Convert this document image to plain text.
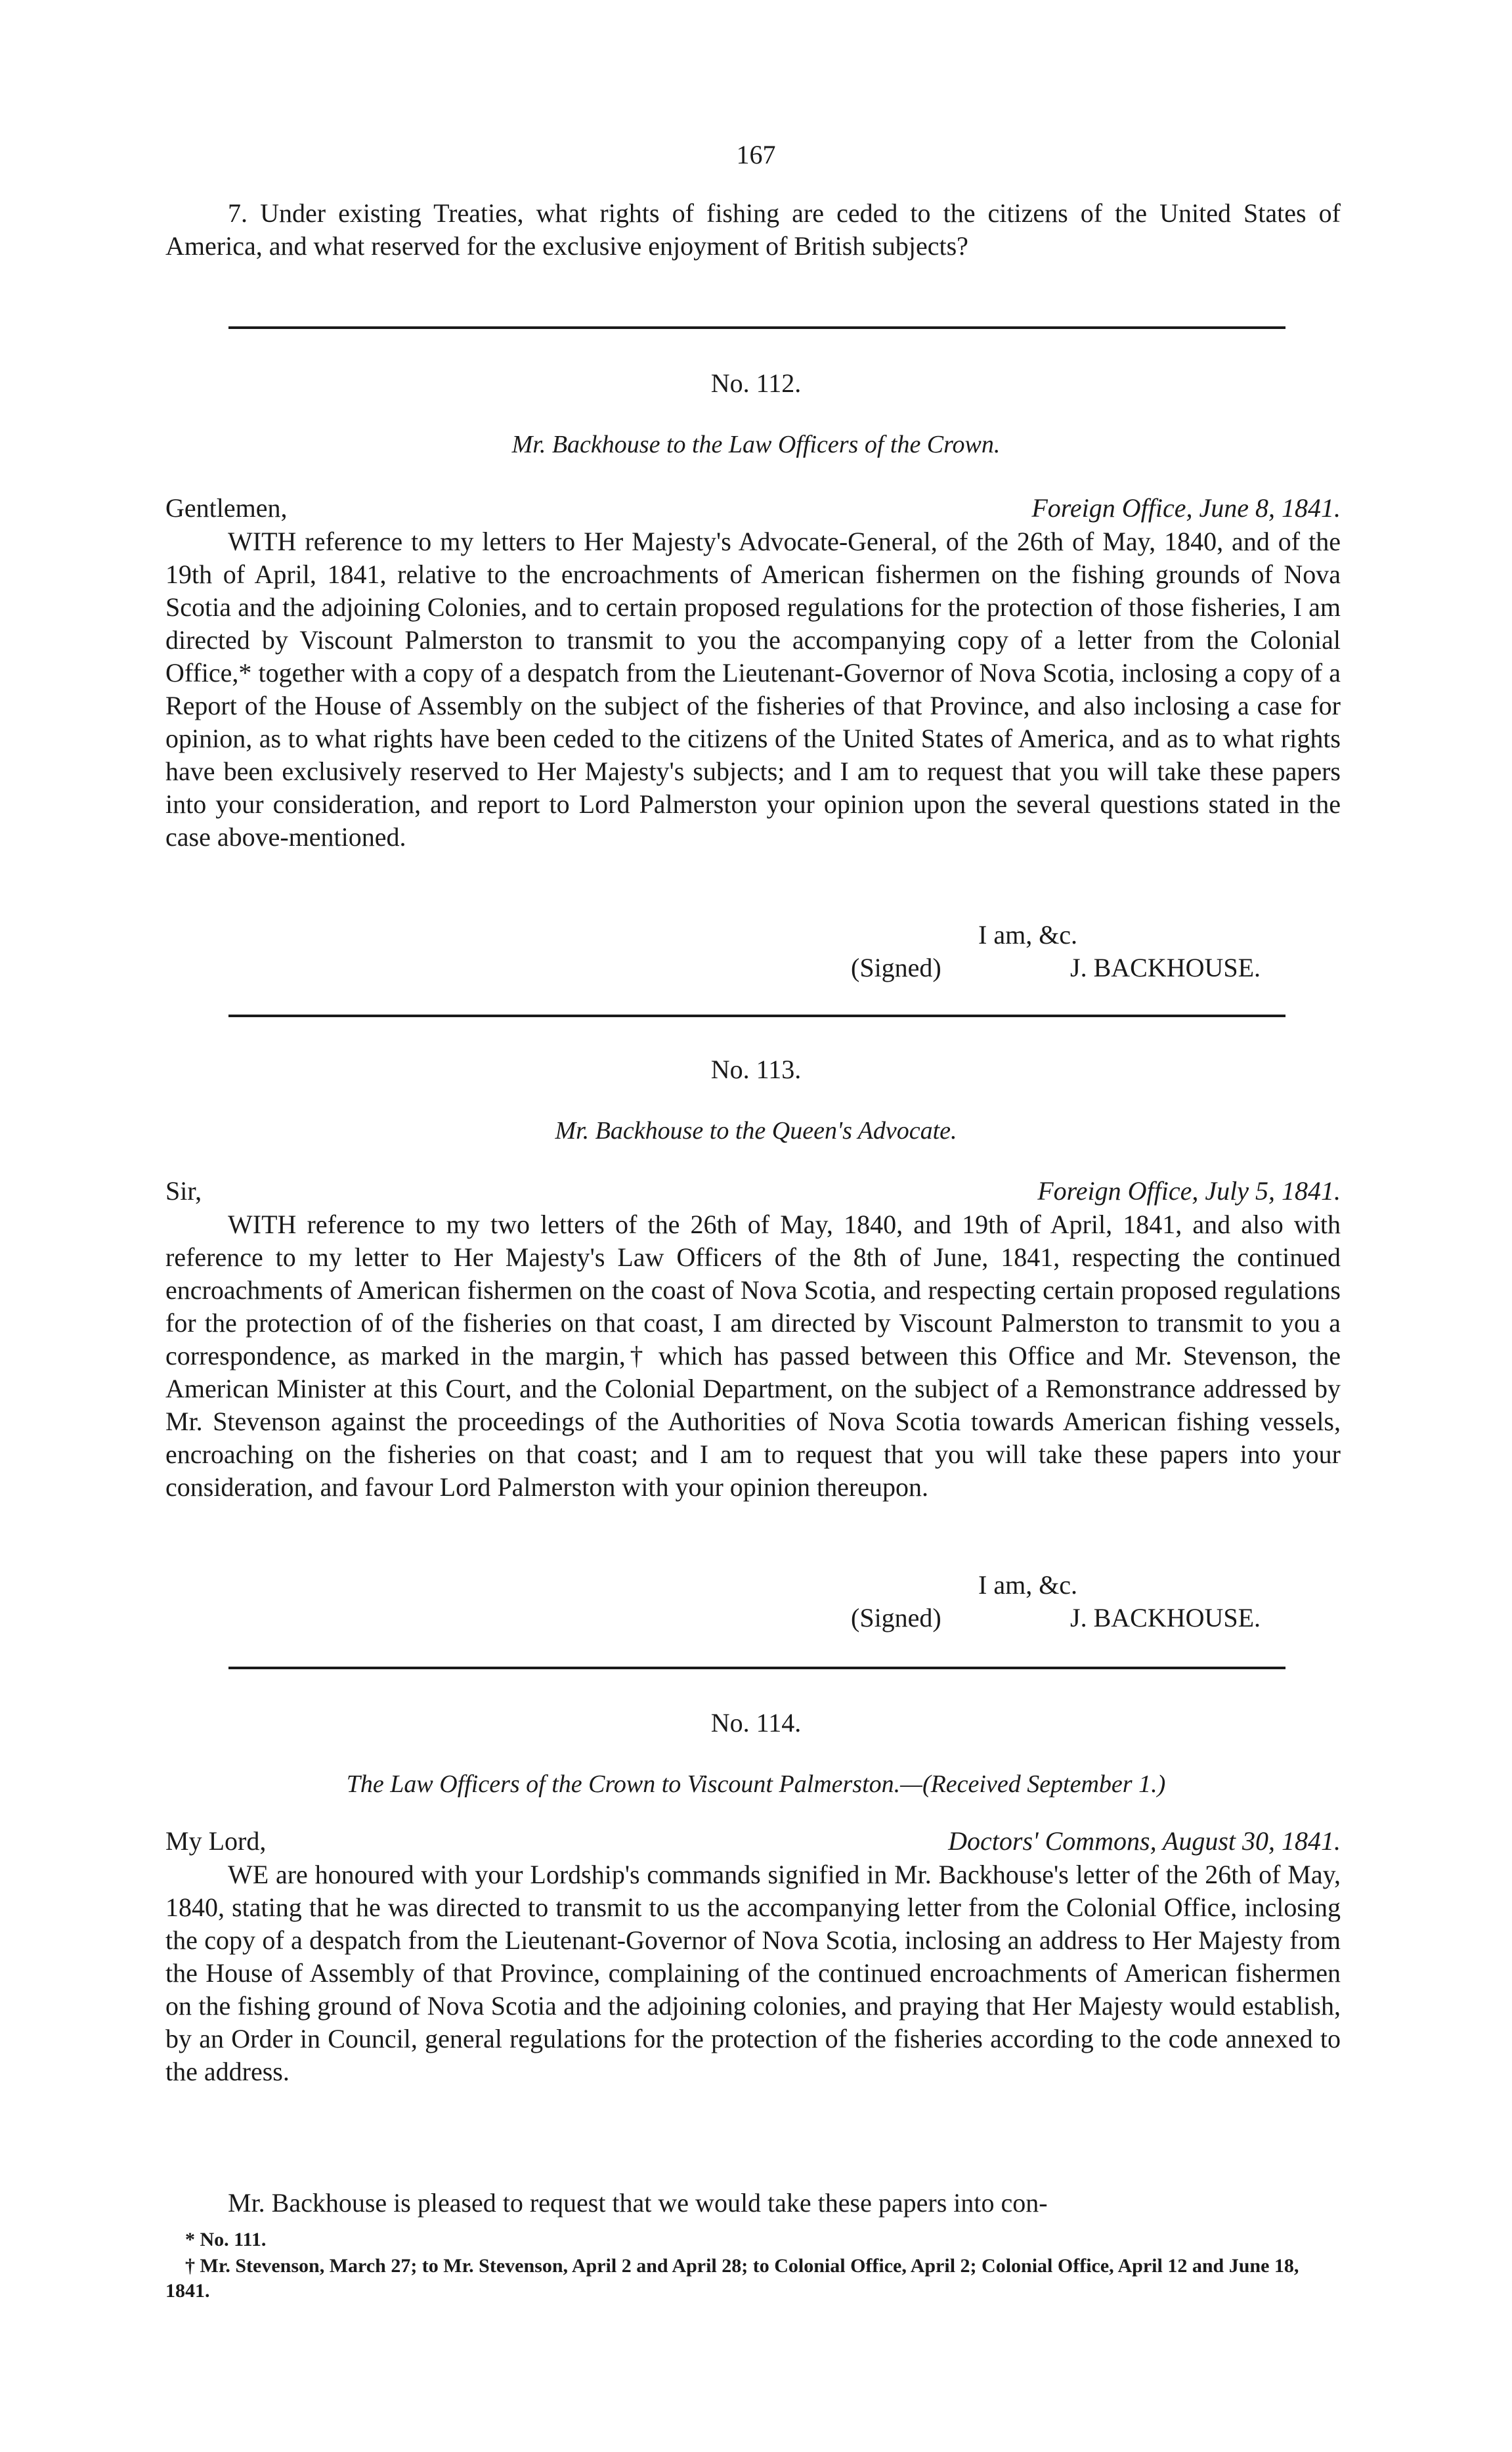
167
7. Under existing Treaties, what rights of fishing are ceded to the citizens of the United States of America, and what reserved for the exclusive enjoyment of British subjects?
No. 112.
Mr. Backhouse to the Law Officers of the Crown.
Gentlemen,	Foreign Office, June 8, 1841.
WITH reference to my letters to Her Majesty's Advocate-General, of the 26th of May, 1840, and of the 19th of April, 1841, relative to the encroachments of American fishermen on the fishing grounds of Nova Scotia and the adjoining Colonies, and to certain proposed regulations for the protection of those fisheries, I am directed by Viscount Palmerston to transmit to you the accompanying copy of a letter from the Colonial Office,* together with a copy of a despatch from the Lieutenant-Governor of Nova Scotia, inclosing a copy of a Report of the House of Assembly on the subject of the fisheries of that Province, and also inclosing a case for opinion, as to what rights have been ceded to the citizens of the United States of America, and as to what rights have been exclusively reserved to Her Majesty's subjects; and I am to request that you will take these papers into your consideration, and report to Lord Palmerston your opinion upon the several questions stated in the case above-mentioned.
I am, &c.
(Signed)	J. BACKHOUSE.
No. 113.
Mr. Backhouse to the Queen's Advocate.
Sir,	Foreign Office, July 5, 1841.
WITH reference to my two letters of the 26th of May, 1840, and 19th of April, 1841, and also with reference to my letter to Her Majesty's Law Officers of the 8th of June, 1841, respecting the continued encroachments of American fishermen on the coast of Nova Scotia, and respecting certain proposed regulations for the protection of of the fisheries on that coast, I am directed by Viscount Palmerston to transmit to you a correspondence, as marked in the margin,† which has passed between this Office and Mr. Stevenson, the American Minister at this Court, and the Colonial Department, on the subject of a Remonstrance addressed by Mr. Stevenson against the proceedings of the Authorities of Nova Scotia towards American fishing vessels, encroaching on the fisheries on that coast; and I am to request that you will take these papers into your consideration, and favour Lord Palmerston with your opinion thereupon.
I am, &c.
(Signed)	J. BACKHOUSE.
No. 114.
The Law Officers of the Crown to Viscount Palmerston.—(Received September 1.)
My Lord,	Doctors' Commons, August 30, 1841.
WE are honoured with your Lordship's commands signified in Mr. Backhouse's letter of the 26th of May, 1840, stating that he was directed to transmit to us the accompanying letter from the Colonial Office, inclosing the copy of a despatch from the Lieutenant-Governor of Nova Scotia, inclosing an address to Her Majesty from the House of Assembly of that Province, complaining of the continued encroachments of American fishermen on the fishing ground of Nova Scotia and the adjoining colonies, and praying that Her Majesty would establish, by an Order in Council, general regulations for the protection of the fisheries according to the code annexed to the address.
Mr. Backhouse is pleased to request that we would take these papers into con-
* No. 111.
† Mr. Stevenson, March 27; to Mr. Stevenson, April 2 and April 28; to Colonial Office, April 2; Colonial Office, April 12 and June 18, 1841.
